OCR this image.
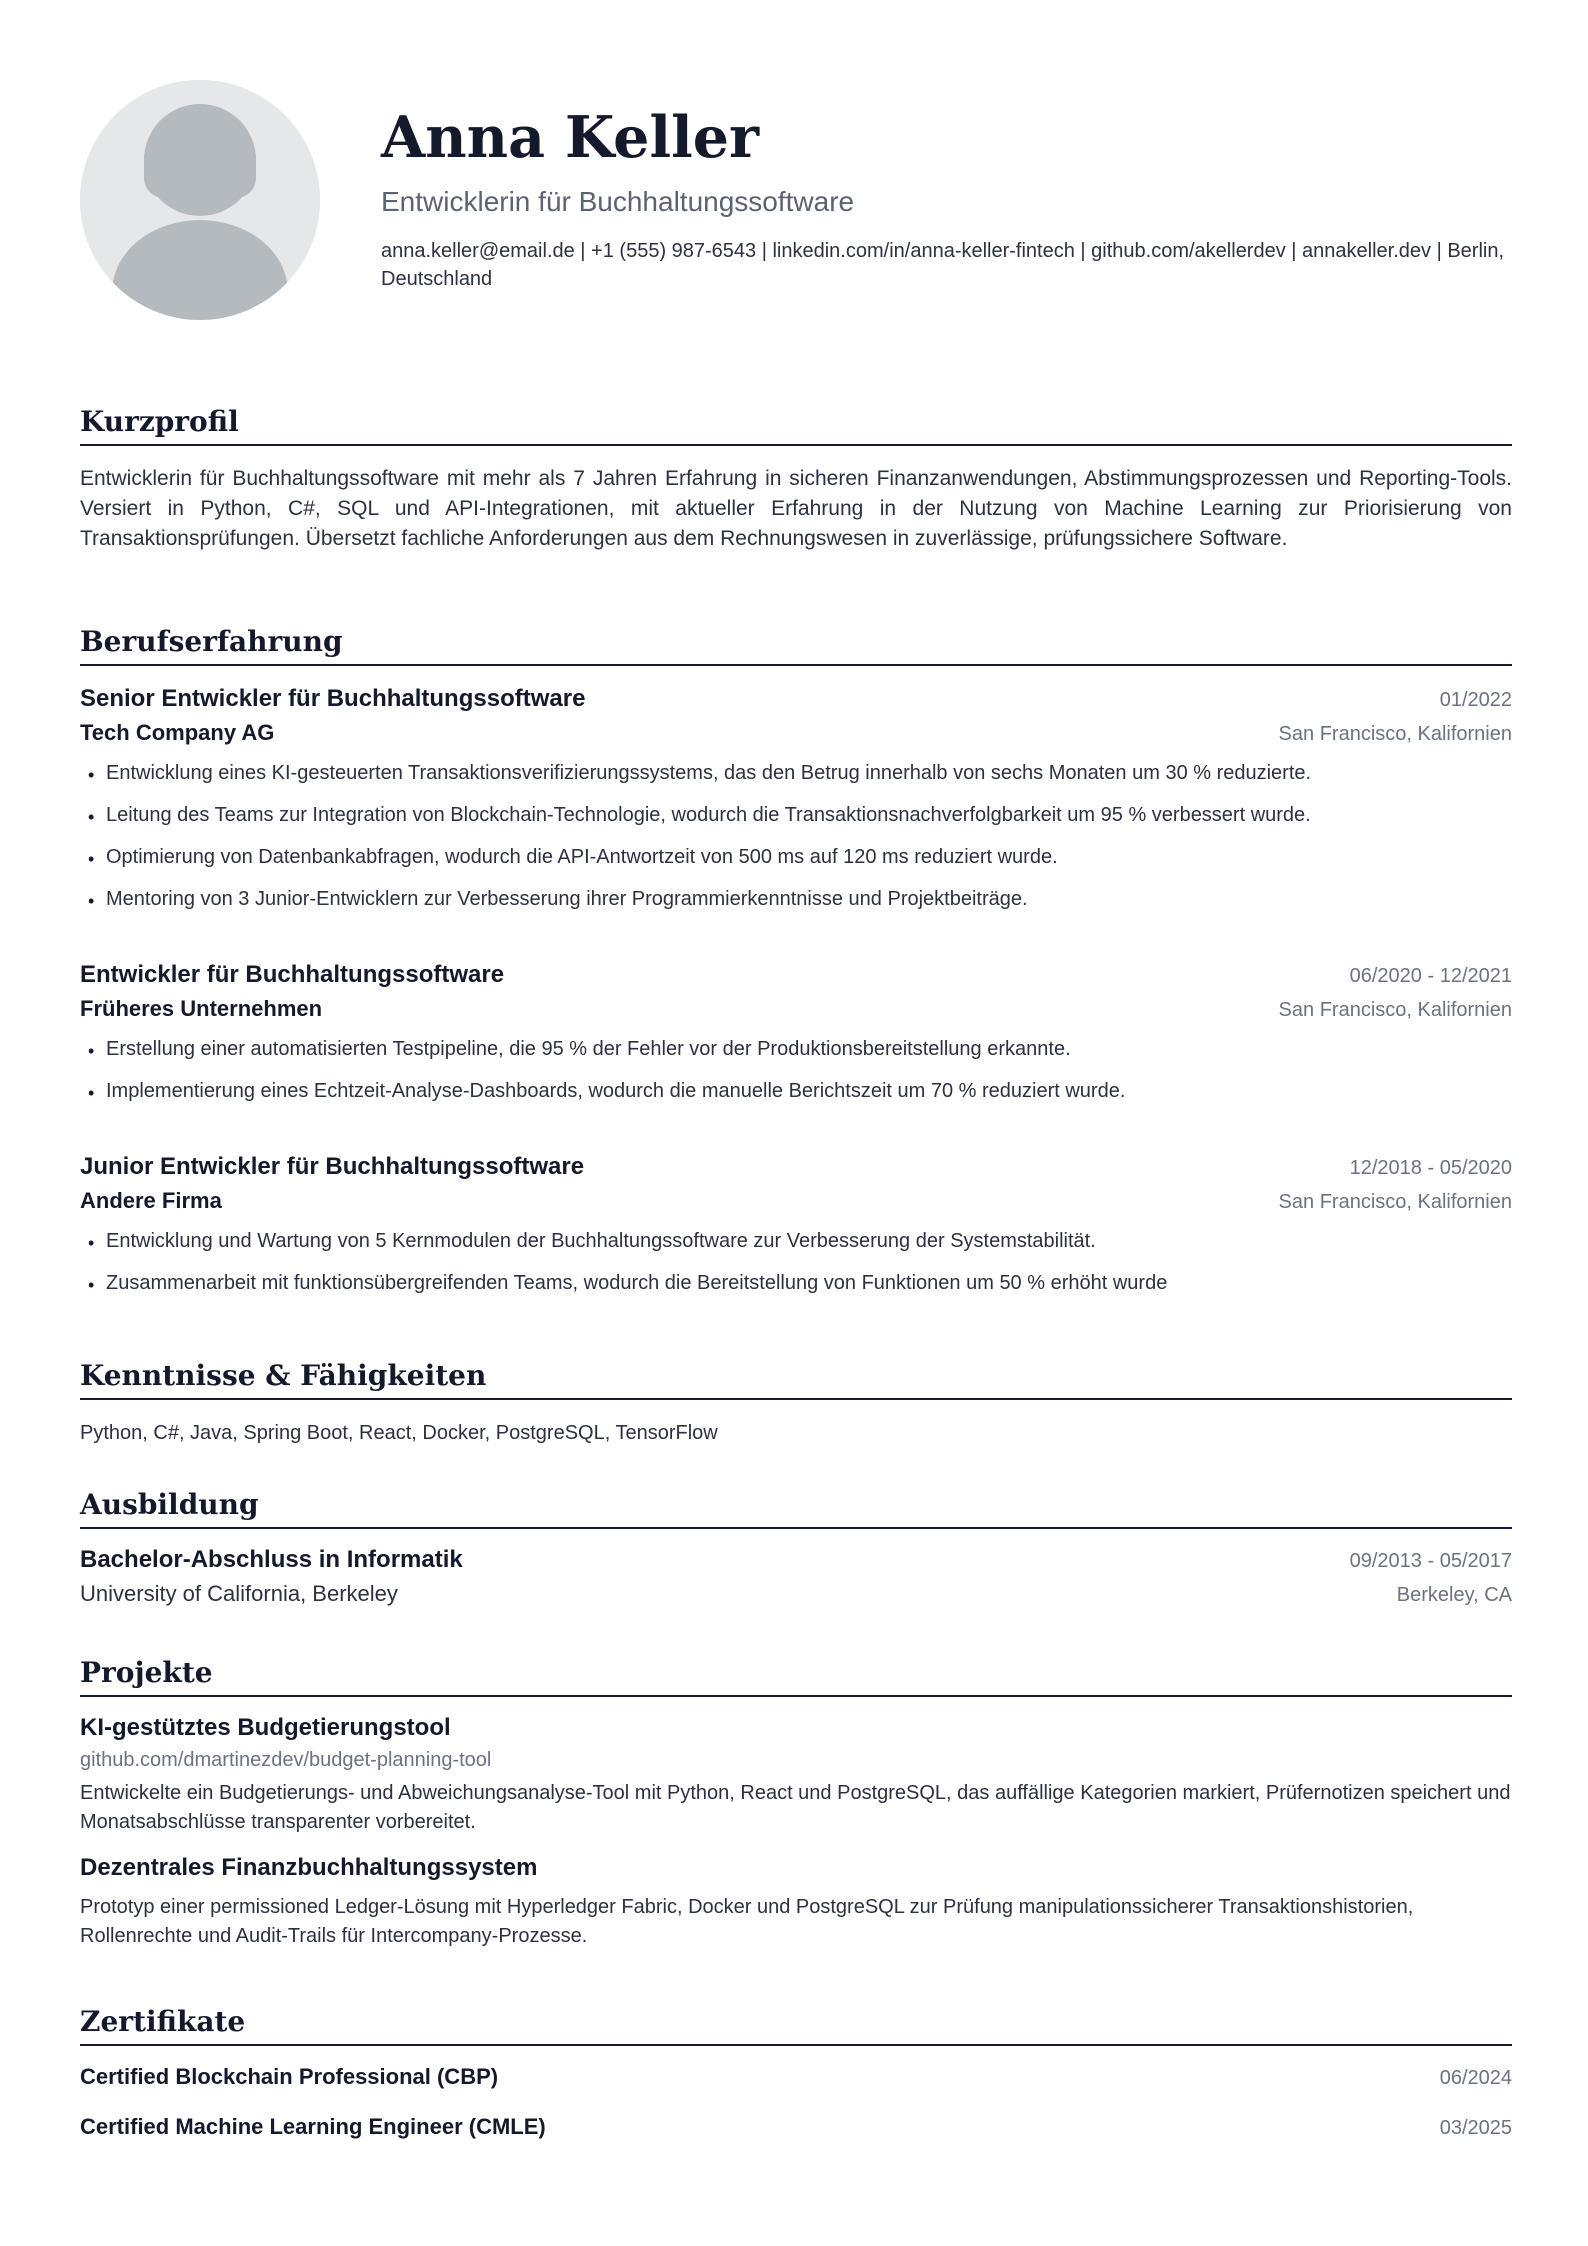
Anna Keller
Entwicklerin für Buchhaltungssoftware
anna.keller@email.de | +1 (555) 987-6543 | linkedin.com/in/anna-keller-fintech | github.com/akellerdev | annakeller.dev | Berlin, Deutschland
Kurzprofil
Entwicklerin für Buchhaltungssoftware mit mehr als 7 Jahren Erfahrung in sicheren Finanzanwendungen, Abstimmungsprozessen und Reporting-Tools. Versiert in Python, C#, SQL und API-Integrationen, mit aktueller Erfahrung in der Nutzung von Machine Learning zur Priorisierung von Transaktionsprüfungen. Übersetzt fachliche Anforderungen aus dem Rechnungswesen in zuverlässige, prüfungssichere Software.
Berufserfahrung
Senior Entwickler für Buchhaltungssoftware	01/2022
Tech Company AG	San Francisco, Kalifornien
• Entwicklung eines KI-gesteuerten Transaktionsverifizierungssystems, das den Betrug innerhalb von sechs Monaten um 30 % reduzierte.
• Leitung des Teams zur Integration von Blockchain-Technologie, wodurch die Transaktionsnachverfolgbarkeit um 95 % verbessert wurde.
• Optimierung von Datenbankabfragen, wodurch die API-Antwortzeit von 500 ms auf 120 ms reduziert wurde.
• Mentoring von 3 Junior-Entwicklern zur Verbesserung ihrer Programmierkenntnisse und Projektbeiträge.
Entwickler für Buchhaltungssoftware	06/2020 - 12/2021
Früheres Unternehmen	San Francisco, Kalifornien
• Erstellung einer automatisierten Testpipeline, die 95 % der Fehler vor der Produktionsbereitstellung erkannte.
• Implementierung eines Echtzeit-Analyse-Dashboards, wodurch die manuelle Berichtszeit um 70 % reduziert wurde.
Junior Entwickler für Buchhaltungssoftware	12/2018 - 05/2020
Andere Firma	San Francisco, Kalifornien
• Entwicklung und Wartung von 5 Kernmodulen der Buchhaltungssoftware zur Verbesserung der Systemstabilität.
• Zusammenarbeit mit funktionsübergreifenden Teams, wodurch die Bereitstellung von Funktionen um 50 % erhöht wurde
Kenntnisse & Fähigkeiten
Python, C#, Java, Spring Boot, React, Docker, PostgreSQL, TensorFlow
Ausbildung
Bachelor-Abschluss in Informatik	09/2013 - 05/2017
University of California, Berkeley	Berkeley, CA
Projekte
KI-gestütztes Budgetierungstool
github.com/dmartinezdev/budget-planning-tool
Entwickelte ein Budgetierungs- und Abweichungsanalyse-Tool mit Python, React und PostgreSQL, das auffällige Kategorien markiert, Prüfernotizen speichert und Monatsabschlüsse transparenter vorbereitet.
Dezentrales Finanzbuchhaltungssystem
Prototyp einer permissioned Ledger-Lösung mit Hyperledger Fabric, Docker und PostgreSQL zur Prüfung manipulationssicherer Transaktionshistorien, Rollenrechte und Audit-Trails für Intercompany-Prozesse.
Zertifikate
Certified Blockchain Professional (CBP)	06/2024
Certified Machine Learning Engineer (CMLE)	03/2025
